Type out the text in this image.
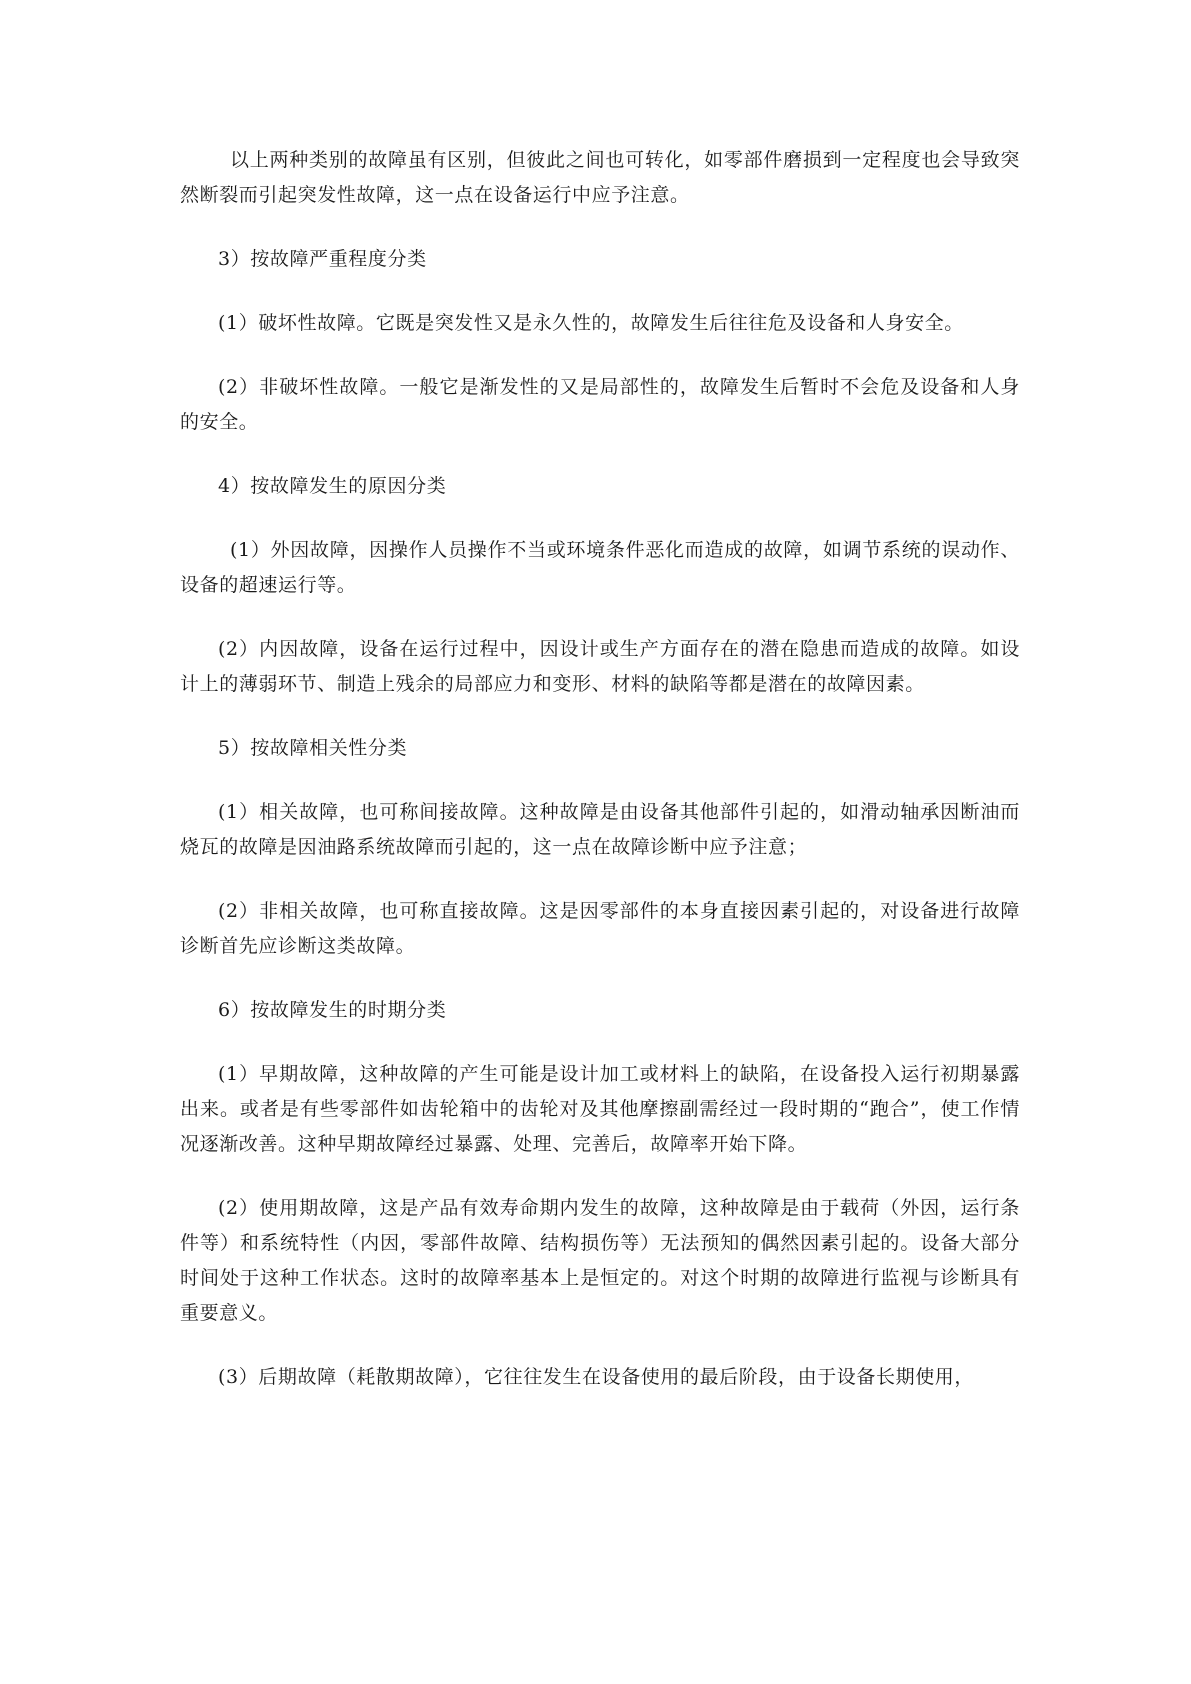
以上两种类别的故障虽有区别，但彼此之间也可转化，如零部件磨损到一定程度也会导致突然断裂而引起突发性故障，这一点在设备运行中应予注意。

3）按故障严重程度分类

(1）破坏性故障。它既是突发性又是永久性的，故障发生后往往危及设备和人身安全。

(2）非破坏性故障。一般它是渐发性的又是局部性的，故障发生后暂时不会危及设备和人身的安全。

4）按故障发生的原因分类

(1）外因故障，因操作人员操作不当或环境条件恶化而造成的故障，如调节系统的误动作、设备的超速运行等。

(2）内因故障，设备在运行过程中，因设计或生产方面存在的潜在隐患而造成的故障。如设计上的薄弱环节、制造上残余的局部应力和变形、材料的缺陷等都是潜在的故障因素。

5）按故障相关性分类

(1）相关故障，也可称间接故障。这种故障是由设备其他部件引起的，如滑动轴承因断油而烧瓦的故障是因油路系统故障而引起的，这一点在故障诊断中应予注意；

(2）非相关故障，也可称直接故障。这是因零部件的本身直接因素引起的，对设备进行故障诊断首先应诊断这类故障。

6）按故障发生的时期分类

(1）早期故障，这种故障的产生可能是设计加工或材料上的缺陷，在设备投入运行初期暴露出来。或者是有些零部件如齿轮箱中的齿轮对及其他摩擦副需经过一段时期的“跑合”，使工作情况逐渐改善。这种早期故障经过暴露、处理、完善后，故障率开始下降。

(2）使用期故障，这是产品有效寿命期内发生的故障，这种故障是由于载荷（外因，运行条件等）和系统特性（内因，零部件故障、结构损伤等）无法预知的偶然因素引起的。设备大部分时间处于这种工作状态。这时的故障率基本上是恒定的。对这个时期的故障进行监视与诊断具有重要意义。

(3）后期故障（耗散期故障），它往往发生在设备使用的最后阶段，由于设备长期使用，
